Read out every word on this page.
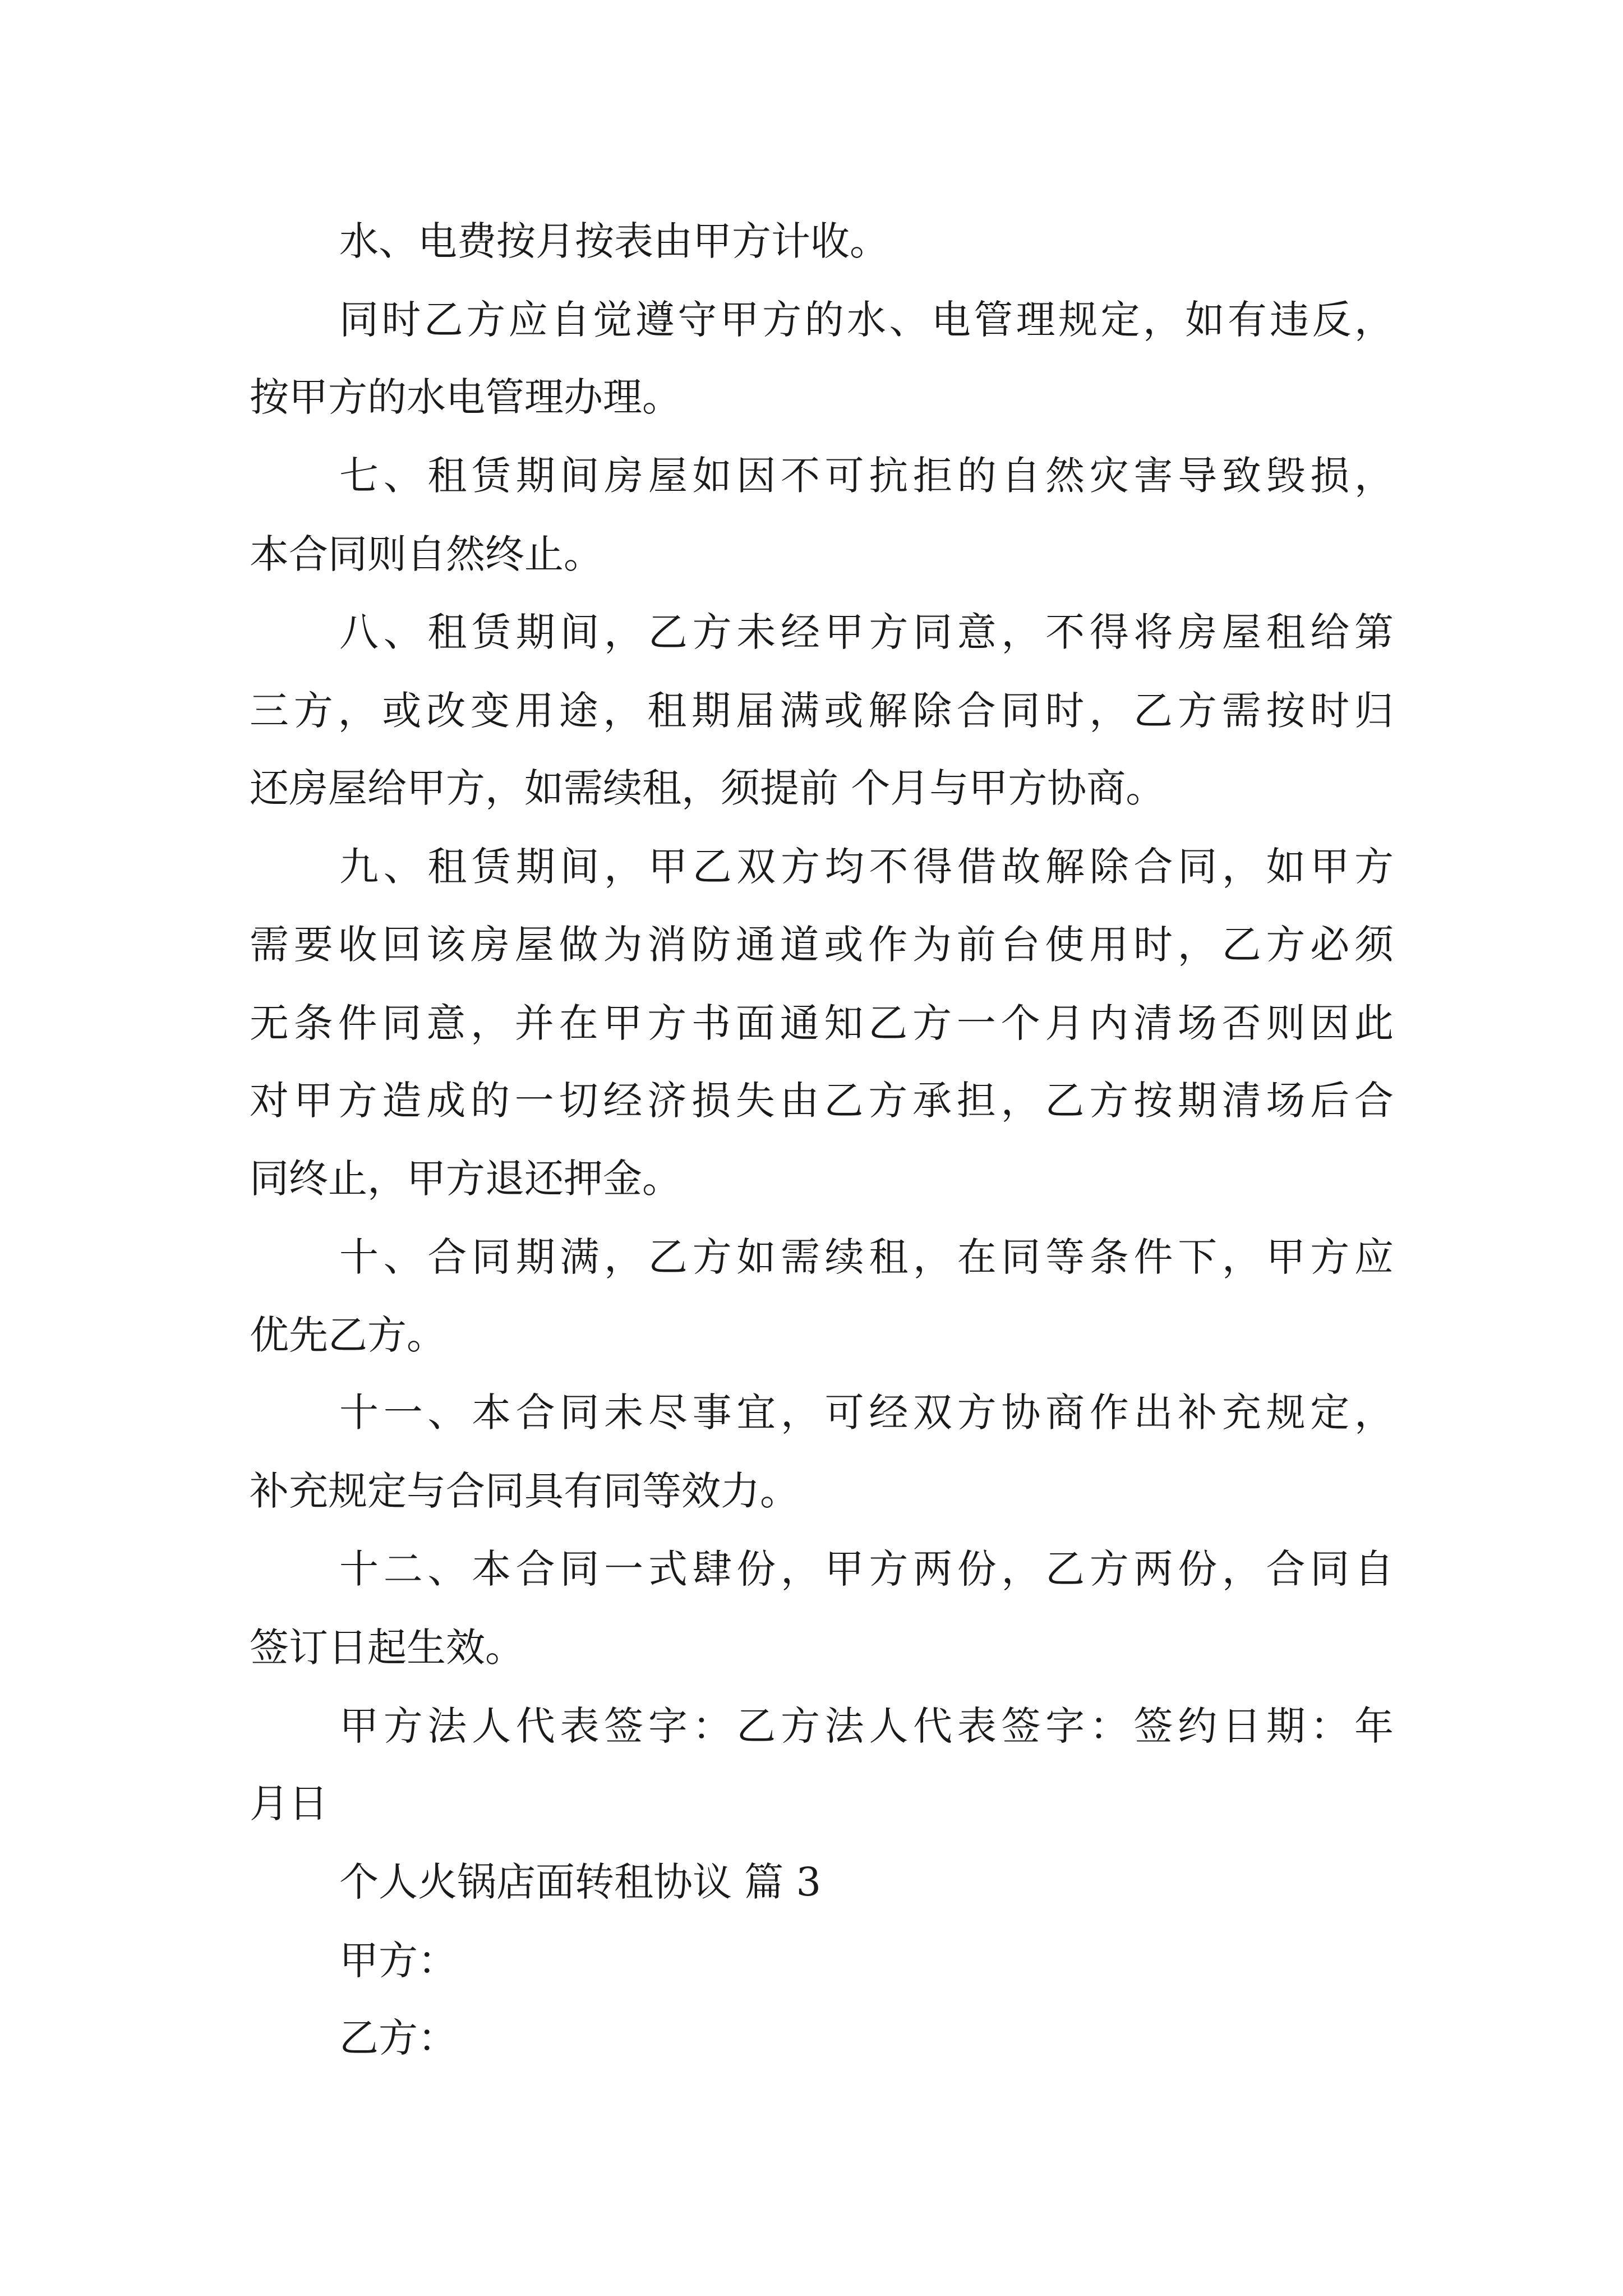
水、电费按月按表由甲方计收。

同时乙方应自觉遵守甲方的水、电管理规定，如有违反，

按甲方的水电管理办理。

七、租赁期间房屋如因不可抗拒的自然灾害导致毁损，

本合同则自然终止。

八、租赁期间，乙方未经甲方同意，不得将房屋租给第

三方，或改变用途，租期届满或解除合同时，乙方需按时归

还房屋给甲方，如需续租，须提前 个月与甲方协商。

九、租赁期间，甲乙双方均不得借故解除合同，如甲方

需要收回该房屋做为消防通道或作为前台使用时，乙方必须

无条件同意，并在甲方书面通知乙方一个月内清场否则因此

对甲方造成的一切经济损失由乙方承担，乙方按期清场后合

同终止，甲方退还押金。

十、合同期满，乙方如需续租，在同等条件下，甲方应

优先乙方。

十一、本合同未尽事宜，可经双方协商作出补充规定，

补充规定与合同具有同等效力。

十二、本合同一式肆份，甲方两份，乙方两份，合同自

签订日起生效。

甲方法人代表签字：乙方法人代表签字：签约日期：年

月日

个人火锅店面转租协议 篇 3

甲方：

乙方：
